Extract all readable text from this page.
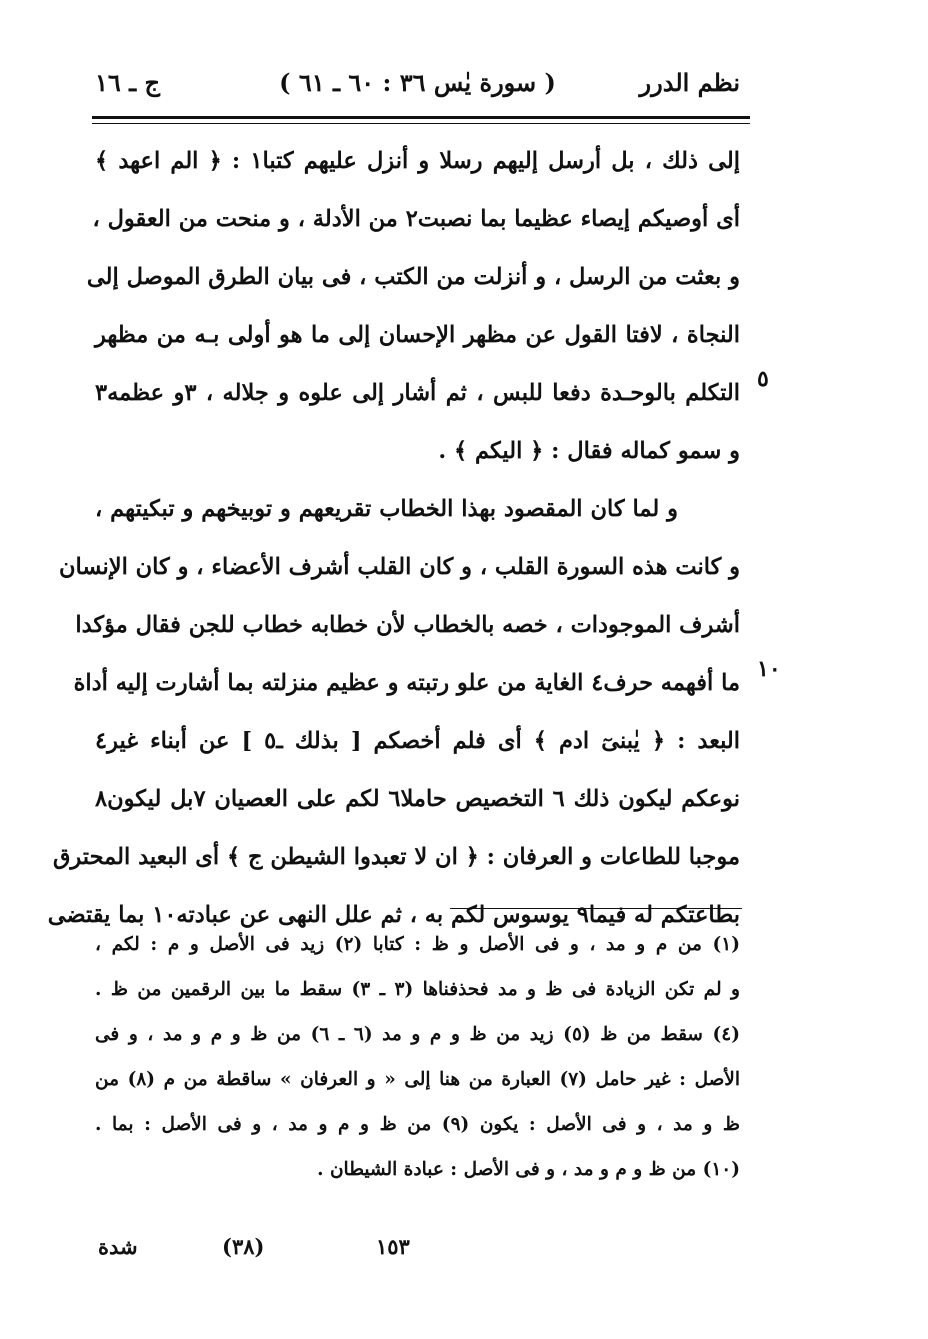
نظم الدرر
( سورة يٰس ٣٦ : ٦٠ ـ ٦١ )
ج ـ ١٦
إلى ذلك ، بل أرسل إليهم رسلا و أنزل عليهم كتبا١ : ﴿ الم اعهد ﴾
أى أوصيكم إيصاء عظيما بما نصبت٢ من الأدلة ، و منحت من العقول ،
و بعثت من الرسل ، و أنزلت من الكتب ، فى بيان الطرق الموصل إلى
النجاة ، لافتا القول عن مظهر الإحسان إلى ما هو أولى بـه من مظهر
التكلم بالوحـدة دفعا للبس ، ثم أشار إلى علوه و جلاله ، ٣و عظمه٣
و سمو كماله فقال : ﴿ اليكم ﴾ .
و لما كان المقصود بهذا الخطاب تقريعهم و توبيخهم و تبكيتهم ،
و كانت هذه السورة القلب ، و كان القلب أشرف الأعضاء ، و كان الإنسان
أشرف الموجودات ، خصه بالخطاب لأن خطابه خطاب للجن فقال مؤكدا
ما أفهمه حرف٤ الغاية من علو رتبته و عظيم منزلته بما أشارت إليه أداة
البعد : ﴿ يٰبنىٓ ادم ﴾ أى فلم أخصكم [ بذلك ـ٥ ] عن أبناء غير٤
نوعكم ليكون ذلك ٦ التخصيص حاملا٦ لكم على العصيان ٧بل ليكون٨
موجبا للطاعات و العرفان : ﴿ ان لا تعبدوا الشيطن ج ﴾ أى البعيد المحترق
بطاعتكم له فيما٩ يوسوس لكم به ، ثم علل النهى عن عبادته١٠ بما يقتضى
٥
١٠
(١) من م و مد ، و فى الأصل و ظ : كتابا (٢) زيد فى الأصل و م : لكم ،
و لم تكن الزيادة فى ظ و مد فحذفناها (٣ ـ ٣) سقط ما بين الرقمين من ظ .
(٤) سقط من ظ (٥) زيد من ظ و م و مد (٦ ـ ٦) من ظ و م و مد ، و فى
الأصل : غير حامل (٧) العبارة من هنا إلى « و العرفان » ساقطة من م (٨) من
ظ و مد ، و فى الأصل : يكون (٩) من ظ و م و مد ، و فى الأصل : بما .
(١٠) من ظ و م و مد ، و فى الأصل : عبادة الشيطان .
١٥٣
(٣٨)
شدة
